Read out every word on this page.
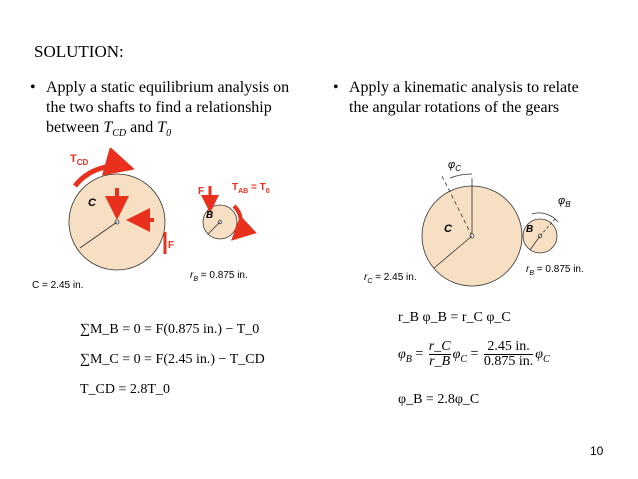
SOLUTION:
• Apply a static equilibrium analysis on
the two shafts to find a relationship
between $T_{CD}$ and $T_0$
• Apply a kinematic analysis to relate
the angular rotations of the gears
$T_{CD}$
C
F
C = 2.45 in.
F	$T_{AB} = T_0$
B
$r_B = 0.875$ in.
$\varphi_C$
C
$r_C = 2.45$ in.
$\varphi_B$
B
$r_B = 0.875$ in.
∑M_B = 0 = F(0.875 in.) − T_0
∑M_C = 0 = F(2.45 in.) − T_CD
T_CD = 2.8T_0
r_B φ_B = r_C φ_C
$\varphi_B = \frac{r\_C}{r\_B} \varphi_C = \frac{2.45 in.}{0.875 in.} \varphi_C$
φ_B = 2.8φ_C
10
